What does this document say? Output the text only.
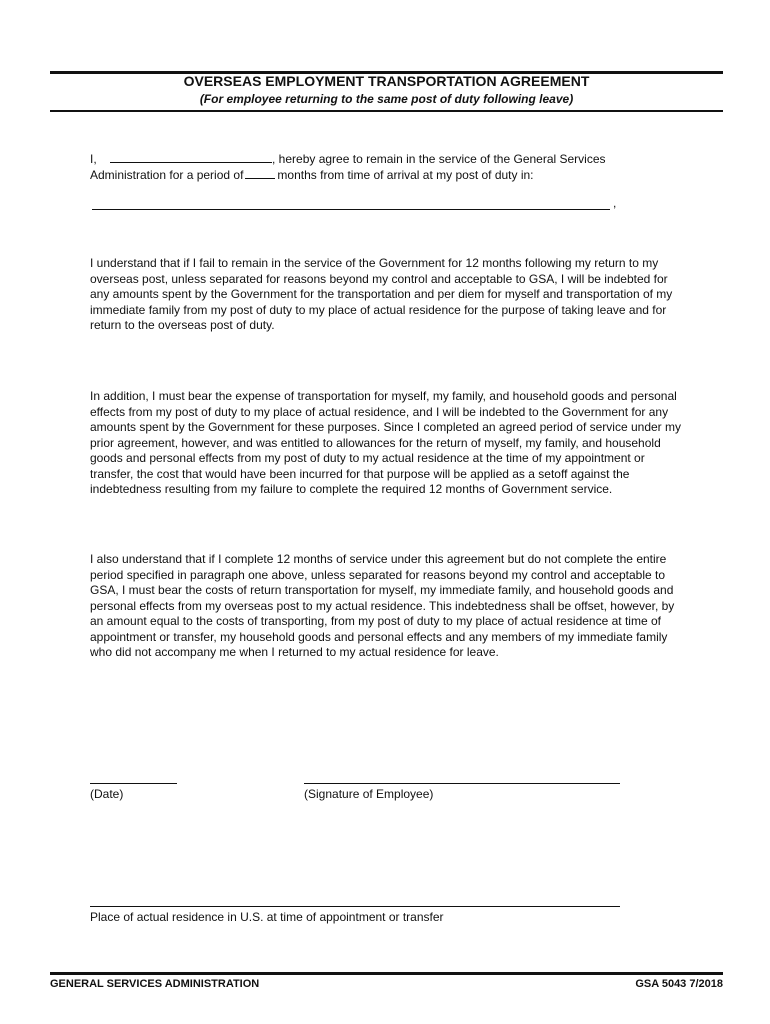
OVERSEAS EMPLOYMENT TRANSPORTATION AGREEMENT
(For employee returning to the same post of duty following leave)

I,	, hereby agree to remain in the service of the General Services

Administration for a period of	months from time of arrival at my post of duty in:

,

I understand that if I fail to remain in the service of the Government for 12 months following my return to my overseas post, unless separated for reasons beyond my control and acceptable to GSA, I will be indebted for any amounts spent by the Government for the transportation and per diem for myself and transportation of my immediate family from my post of duty to my place of actual residence for the purpose of taking leave and for return to the overseas post of duty.

In addition, I must bear the expense of transportation for myself, my family, and household goods and personal effects from my post of duty to my place of actual residence, and I will be indebted to the Government for any amounts spent by the Government for these purposes. Since I completed an agreed period of service under my prior agreement, however, and was entitled to allowances for the return of myself, my family, and household goods and personal effects from my post of duty to my actual residence at the time of my appointment or transfer, the cost that would have been incurred for that purpose will be applied as a setoff against the indebtedness resulting from my failure to complete the required 12 months of Government service.

I also understand that if I complete 12 months of service under this agreement but do not complete the entire period specified in paragraph one above, unless separated for reasons beyond my control and acceptable to GSA, I must bear the costs of return transportation for myself, my immediate family, and household goods and personal effects from my overseas post to my actual residence. This indebtedness shall be offset, however, by an amount equal to the costs of transporting, from my post of duty to my place of actual residence at time of appointment or transfer, my household goods and personal effects and any members of my immediate family who did not accompany me when I returned to my actual residence for leave.

(Date)	(Signature of Employee)
Place of actual residence in U.S. at time of appointment or transfer
GENERAL SERVICES ADMINISTRATION	GSA 5043 7/2018
